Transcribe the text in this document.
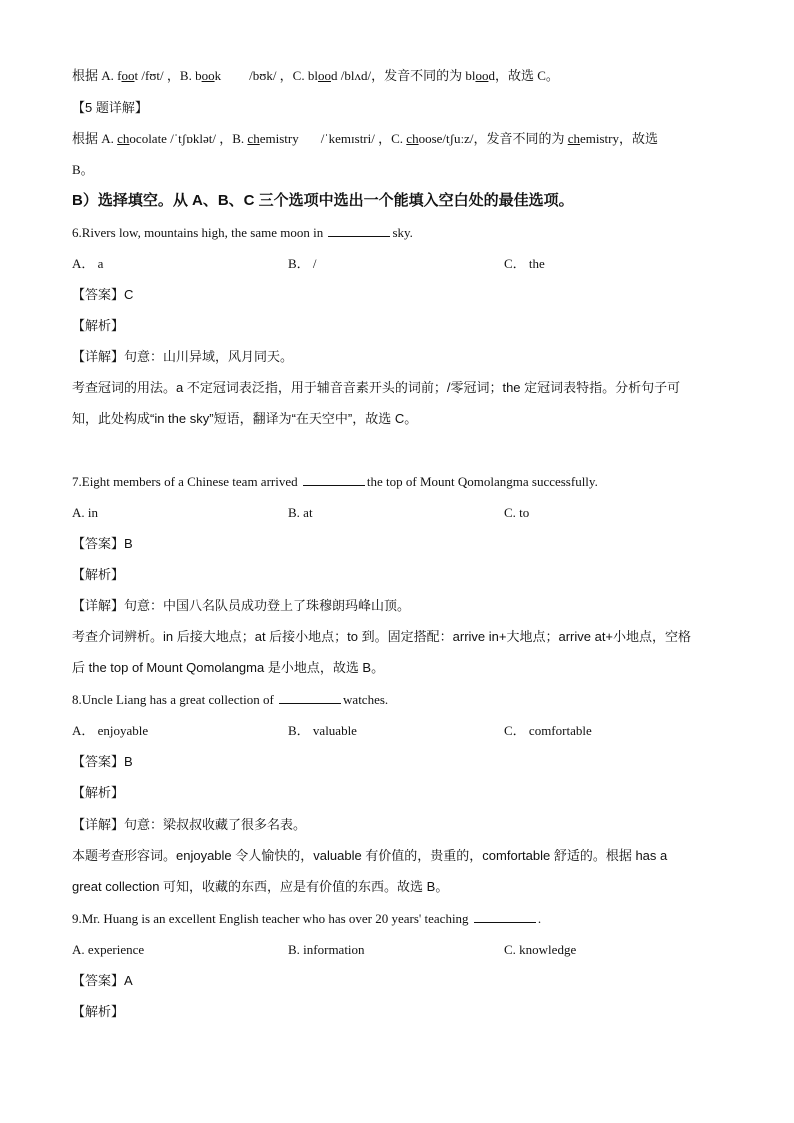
根据 A. foot /fʊt/ ，B. book /bʊk/ ，C. blood /blʌd/，发音不同的为 blood，故选 C。
【5 题详解】
根据 A. chocolate /ˈtʃɒklət/ ，B. chemistry /ˈkemɪstri/ ，C. choose/tʃuːz/，发音不同的为 chemistry，故选
B。
B）选择填空。从 A、B、C 三个选项中选出一个能填入空白处的最佳选项。
6.Rivers low, mountains high, the same moon in	sky.
A． a	B． /	C． the
【答案】C
【解析】
【详解】句意：山川异域，风月同天。
考查冠词的用法。a 不定冠词表泛指，用于辅音音素开头的词前；/零冠词；the 定冠词表特指。分析句子可
知，此处构成“in the sky”短语，翻译为“在天空中”，故选 C。
7.Eight members of a Chinese team arrived	the top of Mount Qomolangma successfully.
A. in	B. at	C. to
【答案】B
【解析】
【详解】句意：中国八名队员成功登上了珠穆朗玛峰山顶。
考查介词辨析。in 后接大地点；at 后接小地点；to 到。固定搭配：arrive in+大地点；arrive at+小地点，空格
后 the top of Mount Qomolangma 是小地点，故选 B。
8.Uncle Liang has a great collection of	watches.
A． enjoyable	B． valuable	C． comfortable
【答案】B
【解析】
【详解】句意：梁叔叔收藏了很多名表。
本题考查形容词。enjoyable 令人愉快的，valuable 有价值的，贵重的，comfortable 舒适的。根据 has a
great collection 可知，收藏的东西，应是有价值的东西。故选 B。
9.Mr. Huang is an excellent English teacher who has over 20 years' teaching	.
A. experience	B. information	C. knowledge
【答案】A
【解析】
